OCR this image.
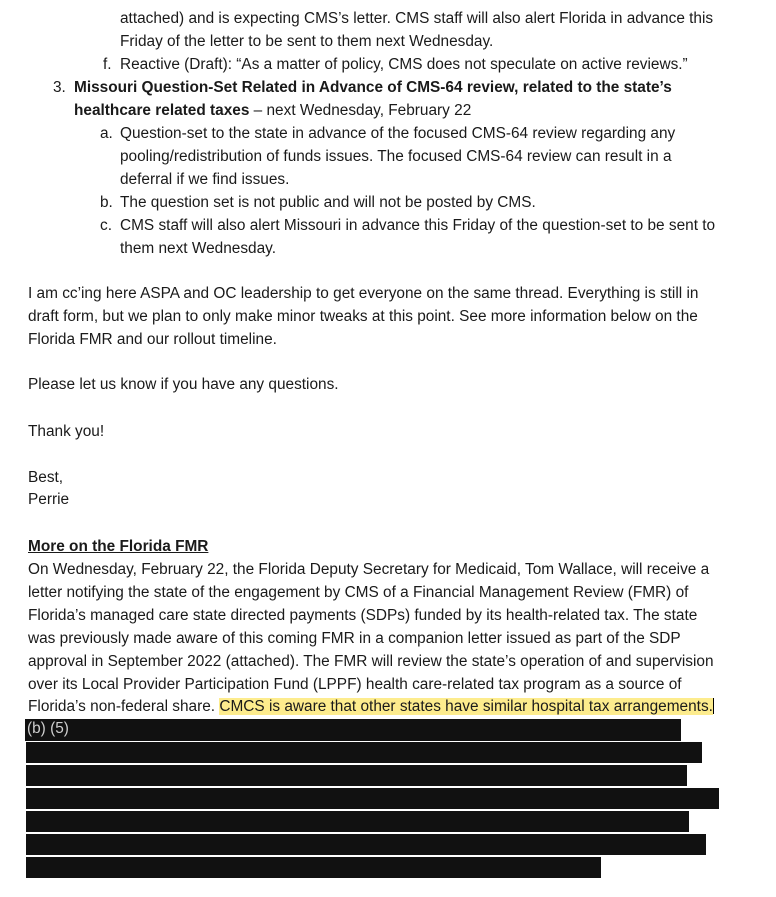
attached) and is expecting CMS’s letter. CMS staff will also alert Florida in advance this
Friday of the letter to be sent to them next Wednesday.
f. Reactive (Draft): “As a matter of policy, CMS does not speculate on active reviews.”
3. Missouri Question-Set Related in Advance of CMS-64 review, related to the state’s
healthcare related taxes – next Wednesday, February 22
a. Question-set to the state in advance of the focused CMS-64 review regarding any
pooling/redistribution of funds issues. The focused CMS-64 review can result in a
deferral if we find issues.
b. The question set is not public and will not be posted by CMS.
c. CMS staff will also alert Missouri in advance this Friday of the question-set to be sent to
them next Wednesday.
I am cc’ing here ASPA and OC leadership to get everyone on the same thread. Everything is still in
draft form, but we plan to only make minor tweaks at this point. See more information below on the
Florida FMR and our rollout timeline.
Please let us know if you have any questions.
Thank you!
Best,
Perrie
More on the Florida FMR
On Wednesday, February 22, the Florida Deputy Secretary for Medicaid, Tom Wallace, will receive a
letter notifying the state of the engagement by CMS of a Financial Management Review (FMR) of
Florida’s managed care state directed payments (SDPs) funded by its health-related tax. The state
was previously made aware of this coming FMR in a companion letter issued as part of the SDP
approval in September 2022 (attached). The FMR will review the state’s operation of and supervision
over its Local Provider Participation Fund (LPPF) health care-related tax program as a source of
Florida’s non-federal share. CMCS is aware that other states have similar hospital tax arrangements.
(b) (5)
